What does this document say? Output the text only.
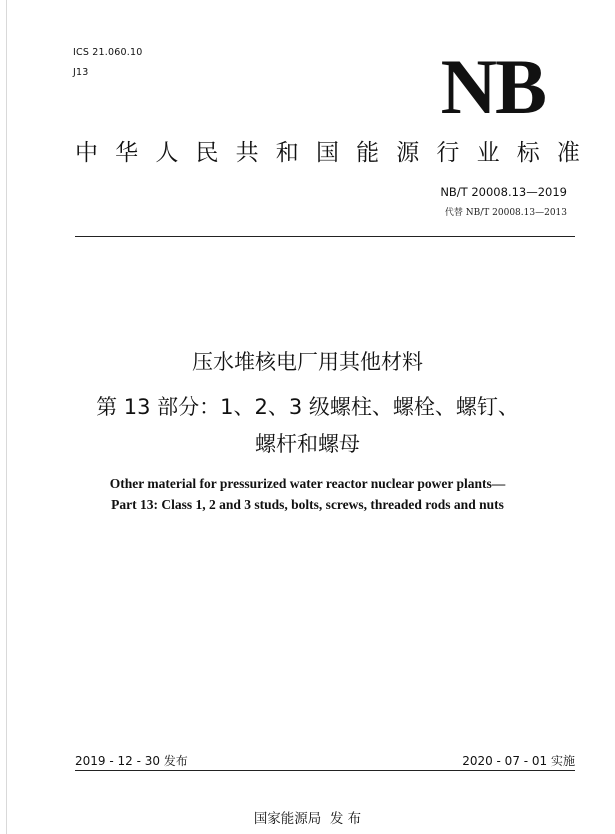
ICS 21.060.10
J13	NB
中 华 人 民 共 和 国 能 源 行 业 标 准
NB/T 20008.13—2019
代替 NB/T 20008.13—2013
压水堆核电厂用其他材料
第 13 部分：1、2、3 级螺柱、螺栓、螺钉、
螺杆和螺母
Other material for pressurized water reactor nuclear power plants—
Part 13: Class 1, 2 and 3 studs, bolts, screws, threaded rods and nuts
2019 - 12 - 30 发布	2020 - 07 - 01 实施
国家能源局  发 布
